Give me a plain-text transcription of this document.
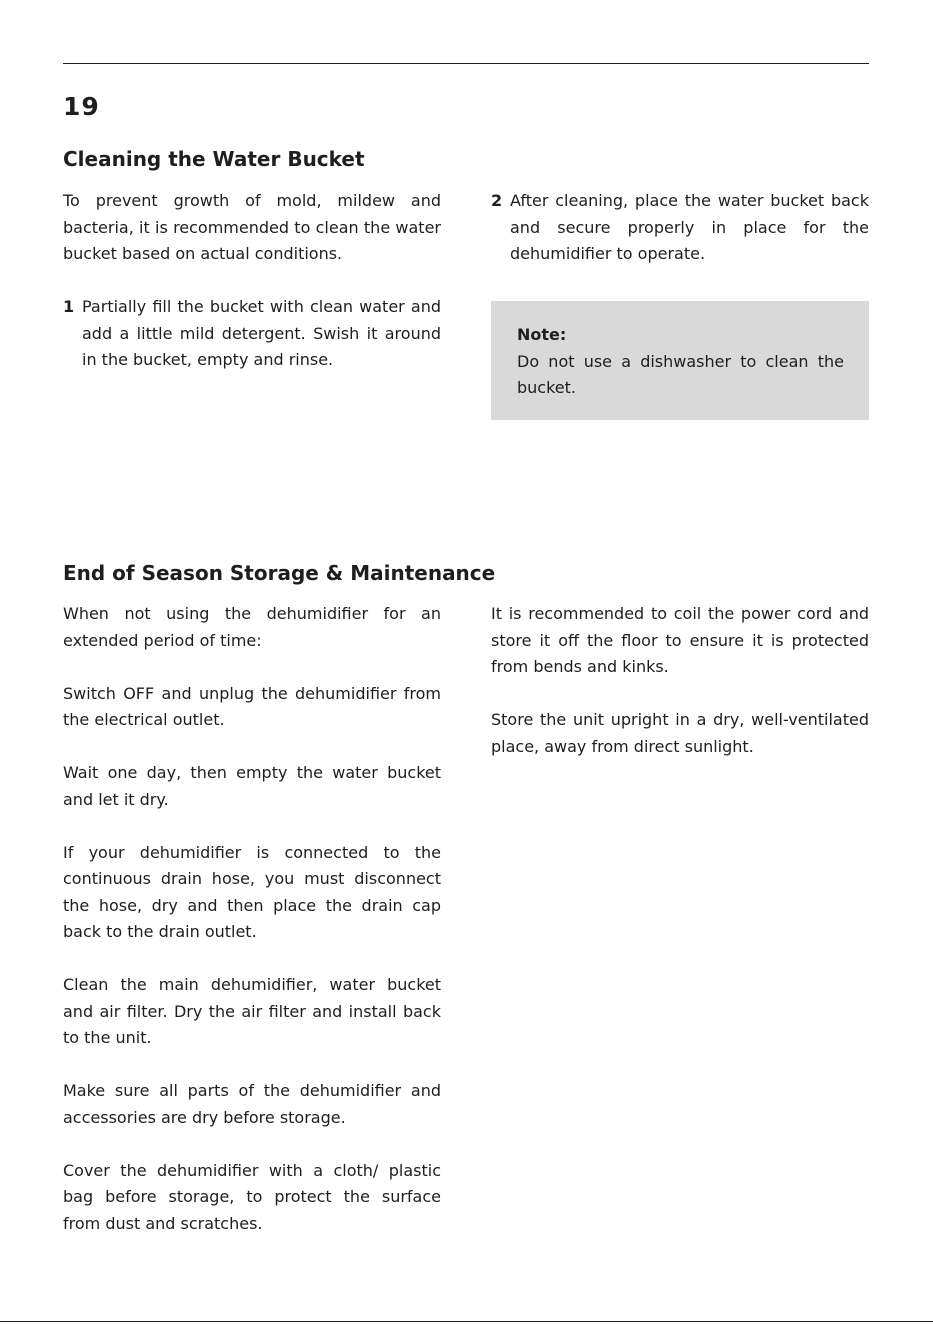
19

Cleaning the Water Bucket

To prevent growth of mold, mildew and bacteria, it is recommended to clean the water bucket based on actual conditions.

1 Partially fill the bucket with clean water and add a little mild detergent. Swish it around in the bucket, empty and rinse.
2 After cleaning, place the water bucket back and secure properly in place for the dehumidifier to operate.

Note:

Do not use a dishwasher to clean the bucket.

End of Season Storage & Maintenance

When not using the dehumidifier for an extended period of time:

Switch OFF and unplug the dehumidifier from the electrical outlet.

Wait one day, then empty the water bucket and let it dry.

If your dehumidifier is connected to the continuous drain hose, you must disconnect the hose, dry and then place the drain cap back to the drain outlet.

Clean the main dehumidifier, water bucket and air filter. Dry the air filter and install back to the unit.

Make sure all parts of the dehumidifier and accessories are dry before storage.

Cover the dehumidifier with a cloth/ plastic bag before storage, to protect the surface from dust and scratches.

It is recommended to coil the power cord and store it off the floor to ensure it is protected from bends and kinks.

Store the unit upright in a dry, well-ventilated place, away from direct sunlight.
